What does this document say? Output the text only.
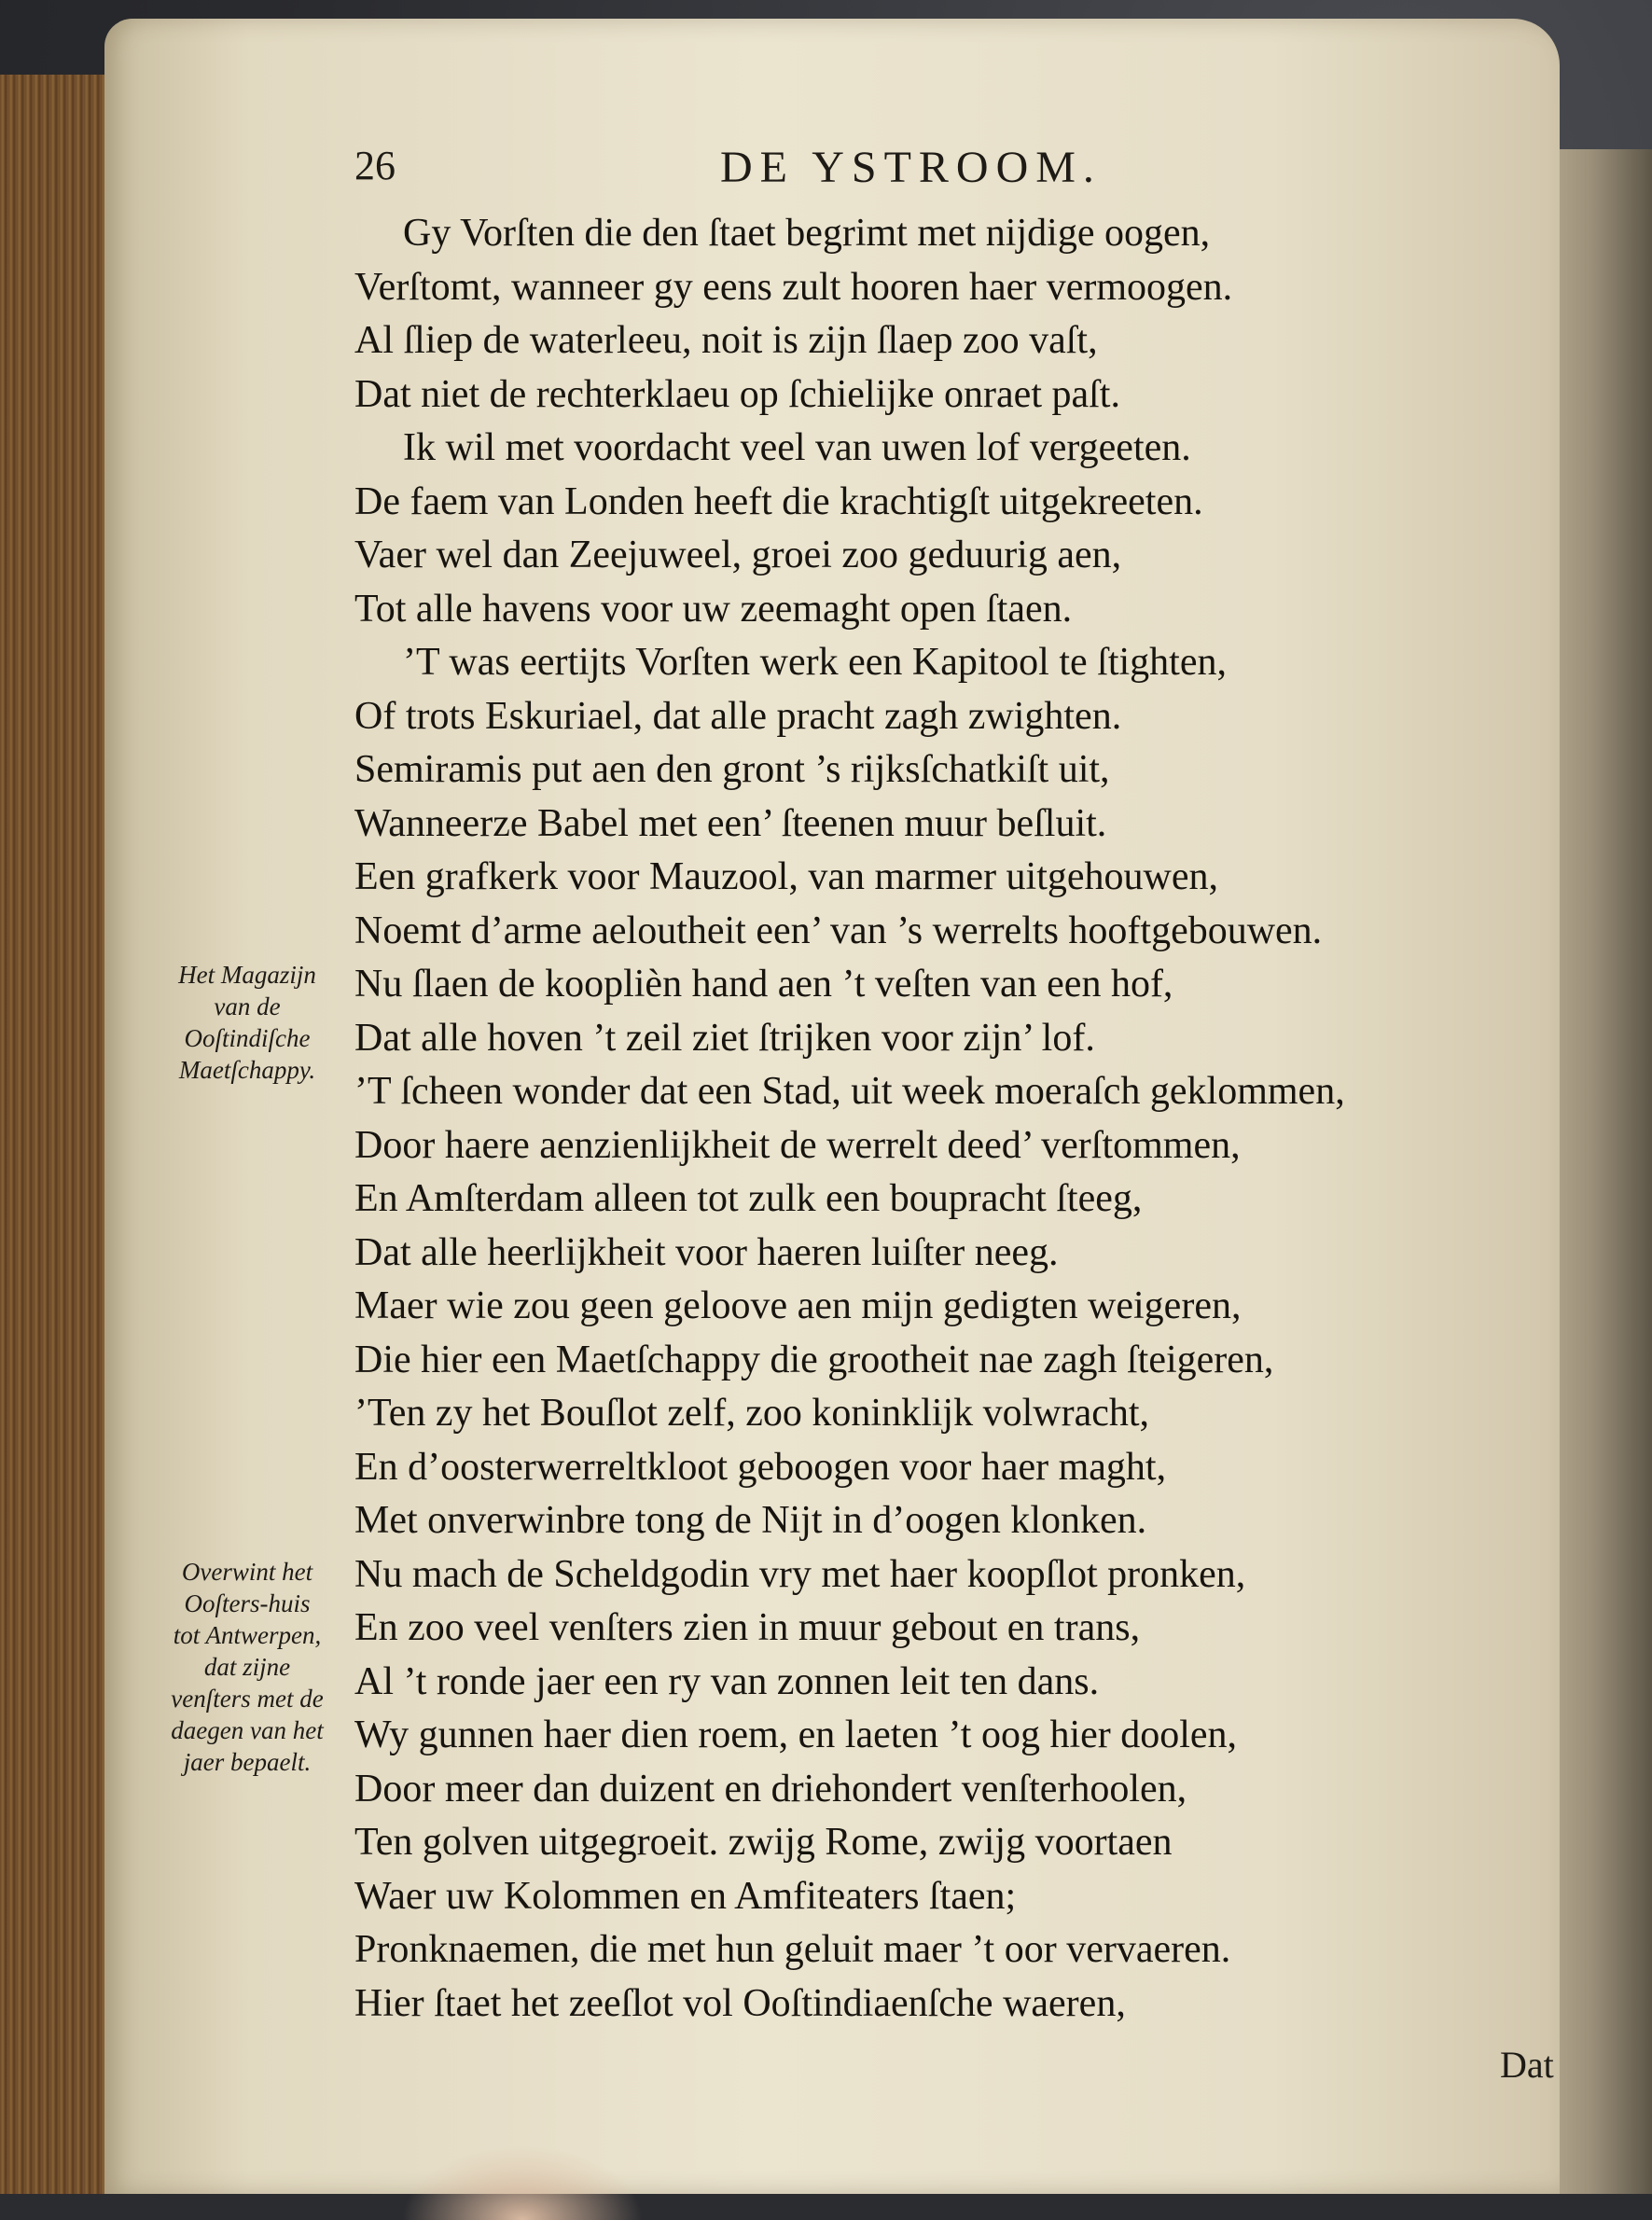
26	DE YSTROOM.
Gy Vorſten die den ſtaet begrimt met nijdige oogen,
Verſtomt, wanneer gy eens zult hooren haer vermoogen.
Al ſliep de waterleeu, noit is zijn ſlaep zoo vaſt,
Dat niet de rechterklaeu op ſchielijke onraet paſt.
Ik wil met voordacht veel van uwen lof vergeeten.
De faem van Londen heeft die krachtigſt uitgekreeten.
Vaer wel dan Zeejuweel, groei zoo geduurig aen,
Tot alle havens voor uw zeemaght open ſtaen.
’T was eertijts Vorſten werk een Kapitool te ſtighten,
Of trots Eskuriael, dat alle pracht zagh zwighten.
Semiramis put aen den gront ’s rijksſchatkiſt uit,
Wanneerze Babel met een’ ſteenen muur beſluit.
Een grafkerk voor Mauzool, van marmer uitgehouwen,
Noemt d’arme aeloutheit een’ van ’s werrelts hooftgebouwen.
Nu ſlaen de kooplièn hand aen ’t veſten van een hof,
Dat alle hoven ’t zeil ziet ſtrijken voor zijn’ lof.
’T ſcheen wonder dat een Stad, uit week moeraſch geklommen,
Door haere aenzienlijkheit de werrelt deed’ verſtommen,
En Amſterdam alleen tot zulk een boupracht ſteeg,
Dat alle heerlijkheit voor haeren luiſter neeg.
Maer wie zou geen geloove aen mijn gedigten weigeren,
Die hier een Maetſchappy die grootheit nae zagh ſteigeren,
’Ten zy het Bouſlot zelf, zoo koninklijk volwracht,
En d’oosterwerreltkloot geboogen voor haer maght,
Met onverwinbre tong de Nijt in d’oogen klonken.
Nu mach de Scheldgodin vry met haer koopſlot pronken,
En zoo veel venſters zien in muur gebout en trans,
Al ’t ronde jaer een ry van zonnen leit ten dans.
Wy gunnen haer dien roem, en laeten ’t oog hier doolen,
Door meer dan duizent en driehondert venſterhoolen,
Ten golven uitgegroeit. zwijg Rome, zwijg voortaen
Waer uw Kolommen en Amfiteaters ſtaen;
Pronknaemen, die met hun geluit maer ’t oor vervaeren.
Hier ſtaet het zeeſlot vol Ooſtindiaenſche waeren,
Het Magazijn van de Ooſtindiſche Maetſchappy.
Overwint het Ooſters-huis tot Antwerpen, dat zijne venſters met de daegen van het jaer bepaelt.
Dat
